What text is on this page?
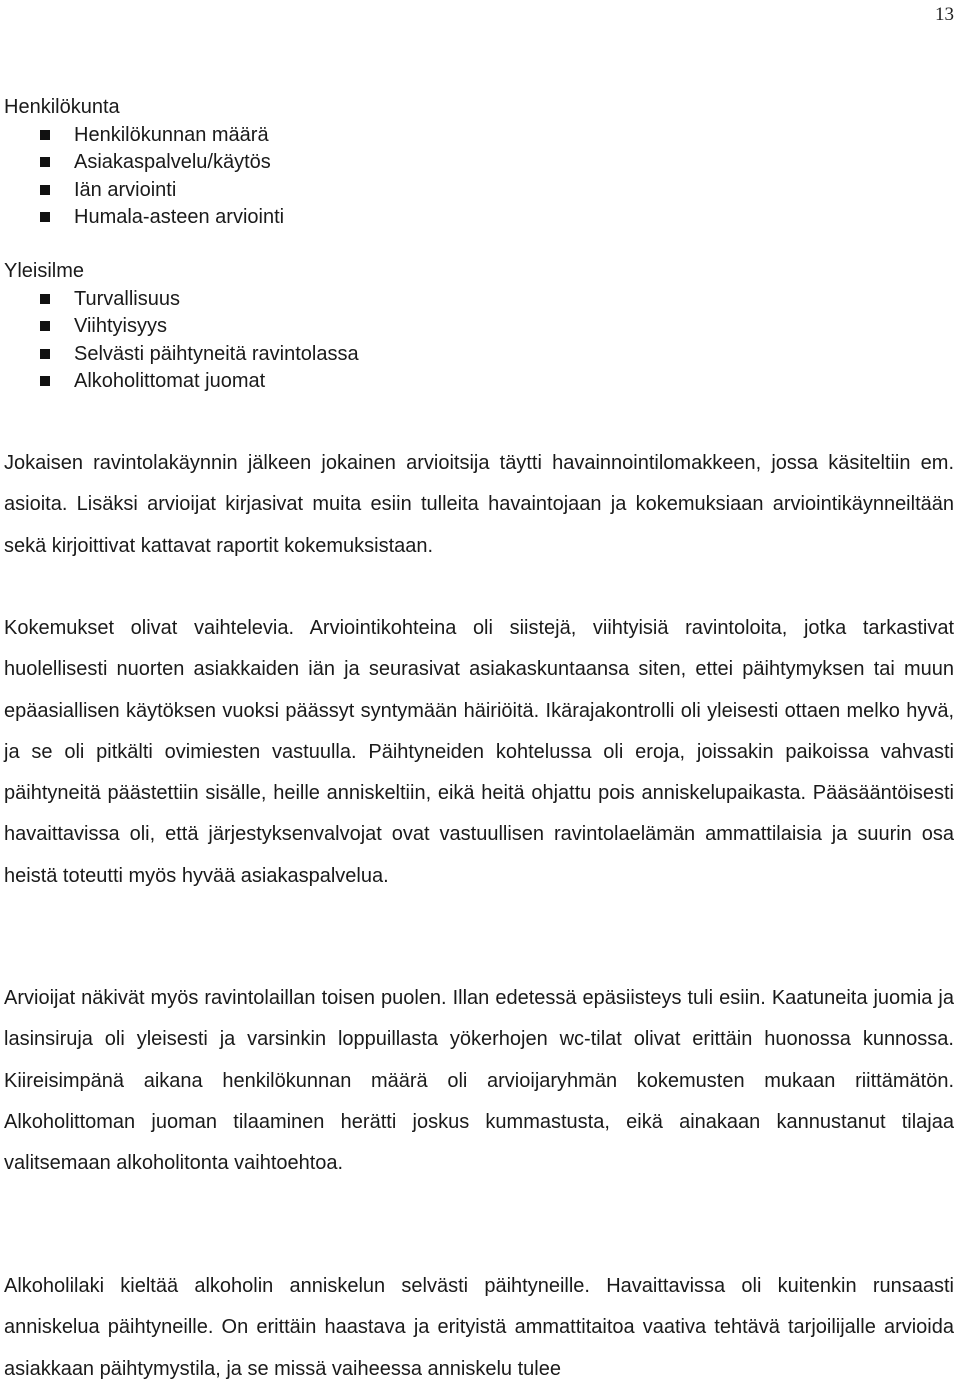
13
Henkilökunta
Henkilökunnan määrä
Asiakaspalvelu/käytös
Iän arviointi
Humala-asteen arviointi
Yleisilme
Turvallisuus
Viihtyisyys
Selvästi päihtyneitä ravintolassa
Alkoholittomat juomat

Jokaisen ravintolakäynnin jälkeen jokainen arvioitsija täytti havainnointilomakkeen, jossa käsiteltiin em. asioita. Lisäksi arvioijat kirjasivat muita esiin tulleita havaintojaan ja kokemuksiaan arviointikäynneiltään sekä kirjoittivat kattavat raportit kokemuksistaan.

Kokemukset olivat vaihtelevia. Arviointikohteina oli siistejä, viihtyisiä ravintoloita, jotka tarkastivat huolellisesti nuorten asiakkaiden iän ja seurasivat asiakaskuntaansa siten, ettei päihtymyksen tai muun epäasiallisen käytöksen vuoksi päässyt syntymään häiriöitä. Ikärajakontrolli oli yleisesti ottaen melko hyvä, ja se oli pitkälti ovimiesten vastuulla. Päihtyneiden kohtelussa oli eroja, joissakin paikoissa vahvasti päihtyneitä päästettiin sisälle, heille anniskeltiin, eikä heitä ohjattu pois anniskelupaikasta. Pääsääntöisesti havaittavissa oli, että järjestyksenvalvojat ovat vastuullisen ravintolaelämän ammattilaisia ja suurin osa heistä toteutti myös hyvää asiakaspalvelua.

Arvioijat näkivät myös ravintolaillan toisen puolen. Illan edetessä epäsiisteys tuli esiin. Kaatuneita juomia ja lasinsiruja oli yleisesti ja varsinkin loppuillasta yökerhojen wc-tilat olivat erittäin huonossa kunnossa. Kiireisimpänä aikana henkilökunnan määrä oli arvioijaryhmän kokemusten mukaan riittämätön. Alkoholittoman juoman tilaaminen herätti joskus kummastusta, eikä ainakaan kannustanut tilajaa valitsemaan alkoholitonta vaihtoehtoa.

Alkoholilaki kieltää alkoholin anniskelun selvästi päihtyneille. Havaittavissa oli kuitenkin runsaasti anniskelua päihtyneille. On erittäin haastava ja erityistä ammattitaitoa vaativa tehtävä tarjoilijalle arvioida asiakkaan päihtymystila, ja se missä vaiheessa anniskelu tulee
